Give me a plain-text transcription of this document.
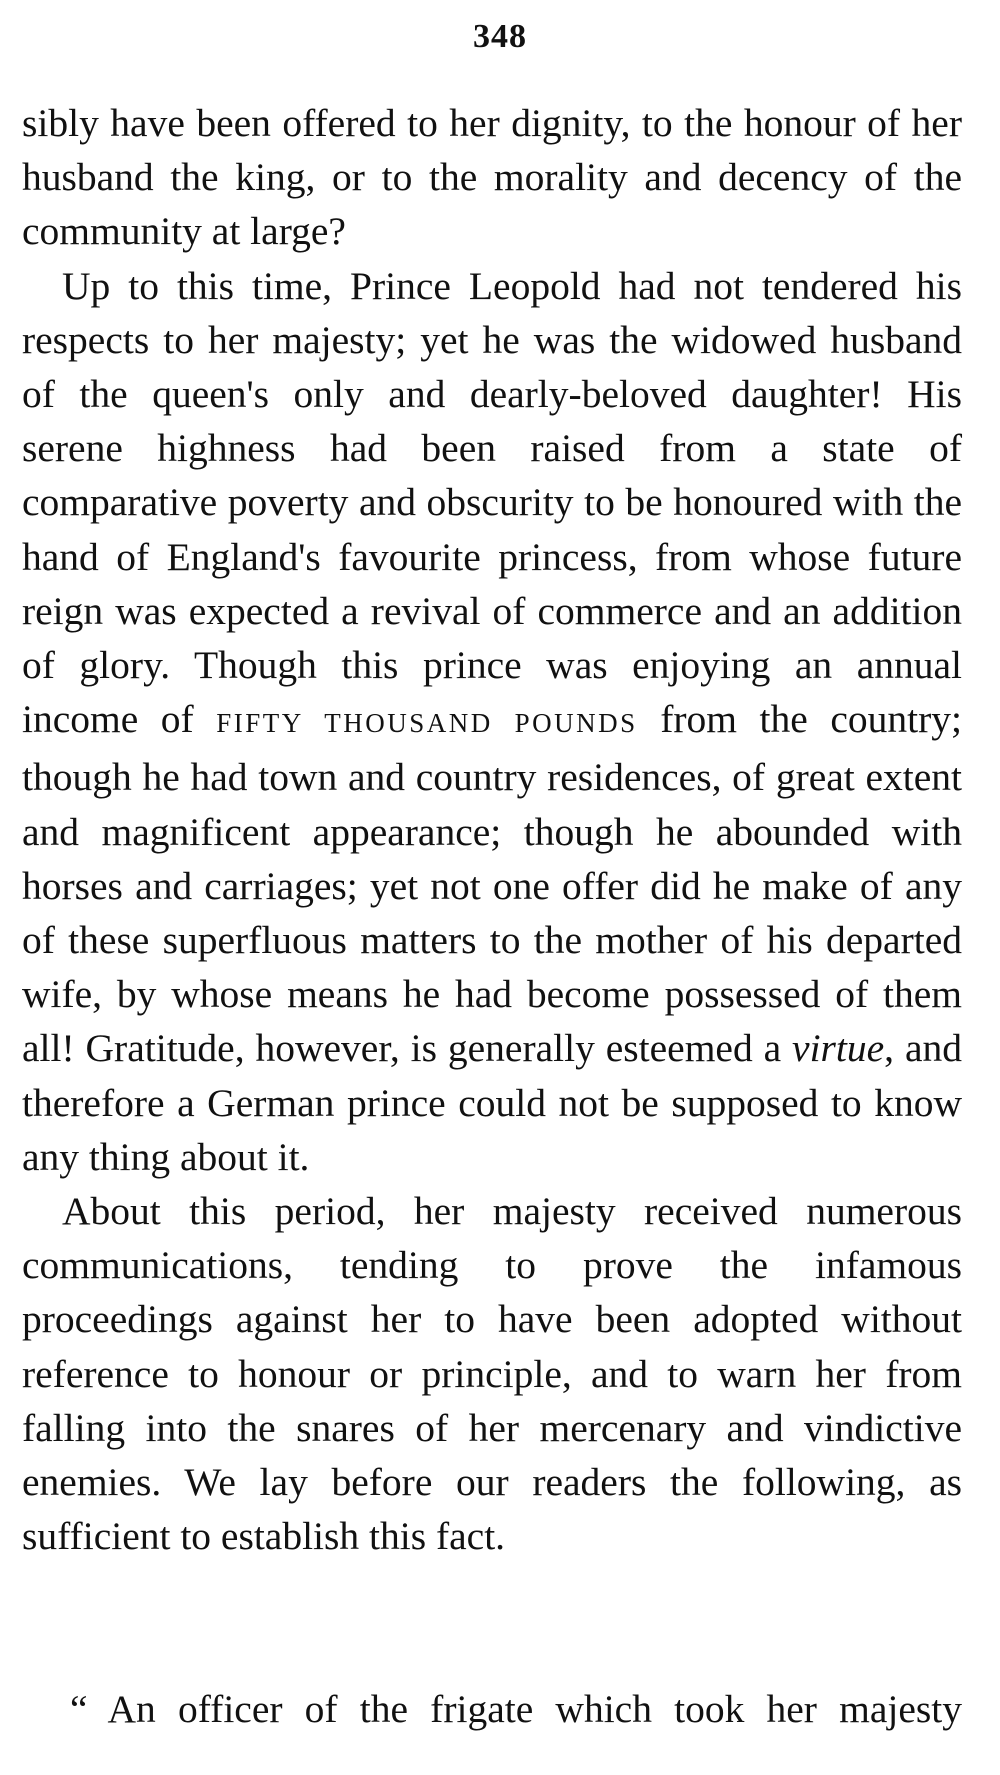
348

sibly have been offered to her dignity, to the honour of her husband the king, or to the morality and decency of the community at large?

Up to this time, Prince Leopold had not tendered his respects to her majesty; yet he was the widowed husband of the queen's only and dearly-beloved daughter! His serene highness had been raised from a state of comparative poverty and obscurity to be honoured with the hand of England's favourite princess, from whose future reign was expected a revival of commerce and an addition of glory. Though this prince was enjoying an annual income of FIFTY THOUSAND POUNDS from the country; though he had town and country residences, of great extent and magnificent appearance; though he abounded with horses and carriages; yet not one offer did he make of any of these superfluous matters to the mother of his departed wife, by whose means he had become possessed of them all! Gratitude, however, is generally esteemed a virtue, and therefore a German prince could not be supposed to know any thing about it.

About this period, her majesty received numerous communications, tending to prove the infamous proceedings against her to have been adopted without reference to honour or principle, and to warn her from falling into the snares of her mercenary and vindictive enemies. We lay before our readers the following, as sufficient to establish this fact.

“ An officer of the frigate which took her majesty
